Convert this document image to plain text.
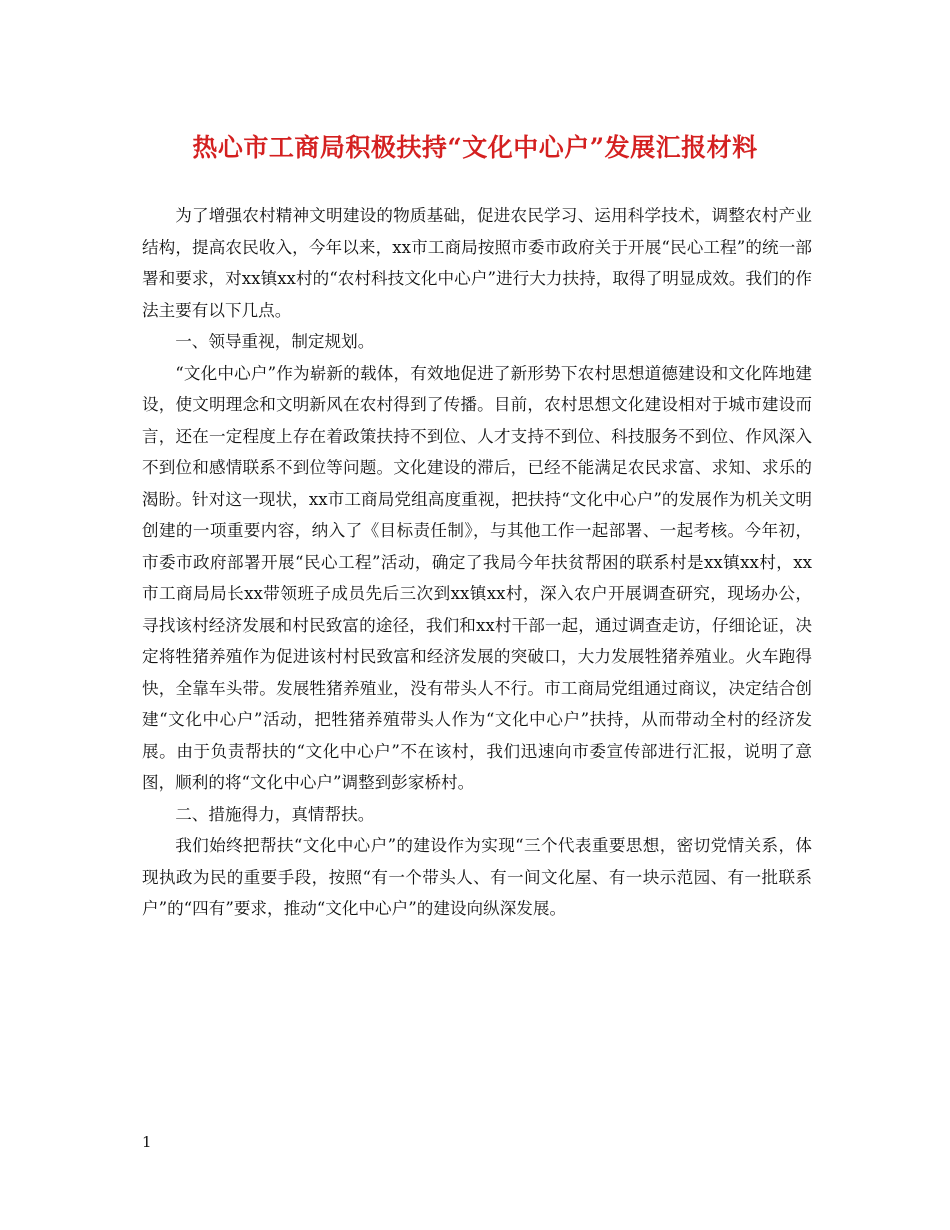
热心市工商局积极扶持“文化中心户”发展汇报材料

为了增强农村精神文明建设的物质基础，促进农民学习、运用科学技术，调整农村产业结构，提高农民收入，今年以来，xx市工商局按照市委市政府关于开展“民心工程”的统一部署和要求，对xx镇xx村的“农村科技文化中心户”进行大力扶持，取得了明显成效。我们的作法主要有以下几点。

一、领导重视，制定规划。

“文化中心户”作为崭新的载体，有效地促进了新形势下农村思想道德建设和文化阵地建设，使文明理念和文明新风在农村得到了传播。目前，农村思想文化建设相对于城市建设而言，还在一定程度上存在着政策扶持不到位、人才支持不到位、科技服务不到位、作风深入不到位和感情联系不到位等问题。文化建设的滞后，已经不能满足农民求富、求知、求乐的渴盼。针对这一现状，xx市工商局党组高度重视，把扶持“文化中心户”的发展作为机关文明创建的一项重要内容，纳入了《目标责任制》，与其他工作一起部署、一起考核。今年初，市委市政府部署开展“民心工程”活动，确定了我局今年扶贫帮困的联系村是xx镇xx村，xx市工商局局长xx带领班子成员先后三次到xx镇xx村，深入农户开展调查研究，现场办公，寻找该村经济发展和村民致富的途径，我们和xx村干部一起，通过调查走访，仔细论证，决定将牲猪养殖作为促进该村村民致富和经济发展的突破口，大力发展牲猪养殖业。火车跑得快，全靠车头带。发展牲猪养殖业，没有带头人不行。市工商局党组通过商议，决定结合创建“文化中心户”活动，把牲猪养殖带头人作为“文化中心户”扶持，从而带动全村的经济发展。由于负责帮扶的“文化中心户”不在该村，我们迅速向市委宣传部进行汇报，说明了意图，顺利的将“文化中心户”调整到彭家桥村。

二、措施得力，真情帮扶。

我们始终把帮扶“文化中心户”的建设作为实现“三个代表重要思想，密切党情关系，体现执政为民的重要手段，按照“有一个带头人、有一间文化屋、有一块示范园、有一批联系户”的“四有”要求，推动“文化中心户”的建设向纵深发展。

1
